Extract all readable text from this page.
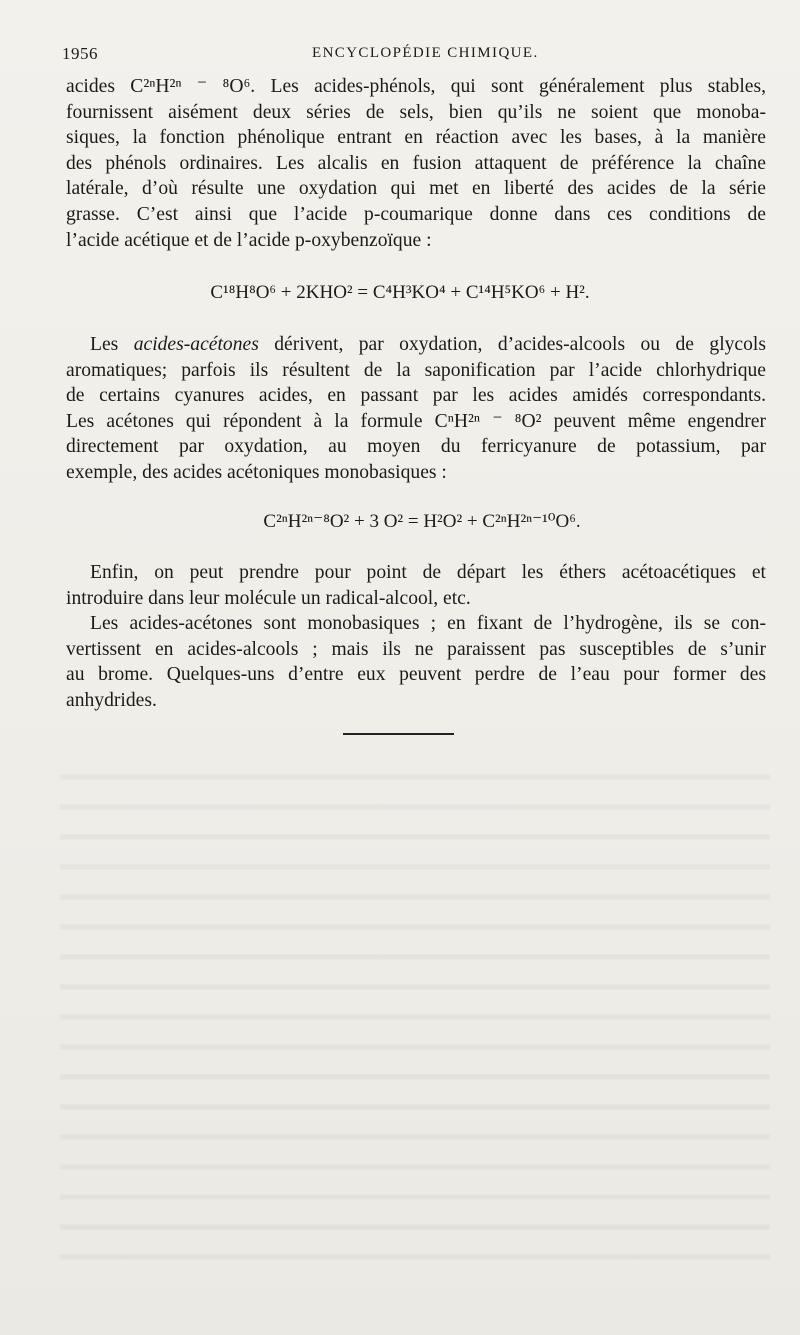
1956	ENCYCLOPÉDIE CHIMIQUE.
acides C²ⁿH²ⁿ ⁻ ⁸O⁶. Les acides-phénols, qui sont généralement plus stables,
fournissent aisément deux séries de sels, bien qu’ils ne soient que monoba-
siques, la fonction phénolique entrant en réaction avec les bases, à la manière
des phénols ordinaires. Les alcalis en fusion attaquent de préférence la chaîne
latérale, d’où résulte une oxydation qui met en liberté des acides de la série
grasse. C’est ainsi que l’acide p-coumarique donne dans ces conditions de
l’acide acétique et de l’acide p-oxybenzoïque :
C¹⁸H⁸O⁶ + 2KHO² = C⁴H³KO⁴ + C¹⁴H⁵KO⁶ + H².
Les acides-acétones dérivent, par oxydation, d’acides-alcools ou de glycols
aromatiques; parfois ils résultent de la saponification par l’acide chlorhydrique
de certains cyanures acides, en passant par les acides amidés correspondants.
Les acétones qui répondent à la formule CⁿH²ⁿ ⁻ ⁸O² peuvent même engendrer
directement par oxydation, au moyen du ferricyanure de potassium, par
exemple, des acides acétoniques monobasiques :
C²ⁿH²ⁿ⁻⁸O² + 3 O² = H²O² + C²ⁿH²ⁿ⁻¹⁰O⁶.
Enfin, on peut prendre pour point de départ les éthers acétoacétiques et
introduire dans leur molécule un radical-alcool, etc.
Les acides-acétones sont monobasiques ; en fixant de l’hydrogène, ils se con-
vertissent en acides-alcools ; mais ils ne paraissent pas susceptibles de s’unir
au brome. Quelques-uns d’entre eux peuvent perdre de l’eau pour former des
anhydrides.
